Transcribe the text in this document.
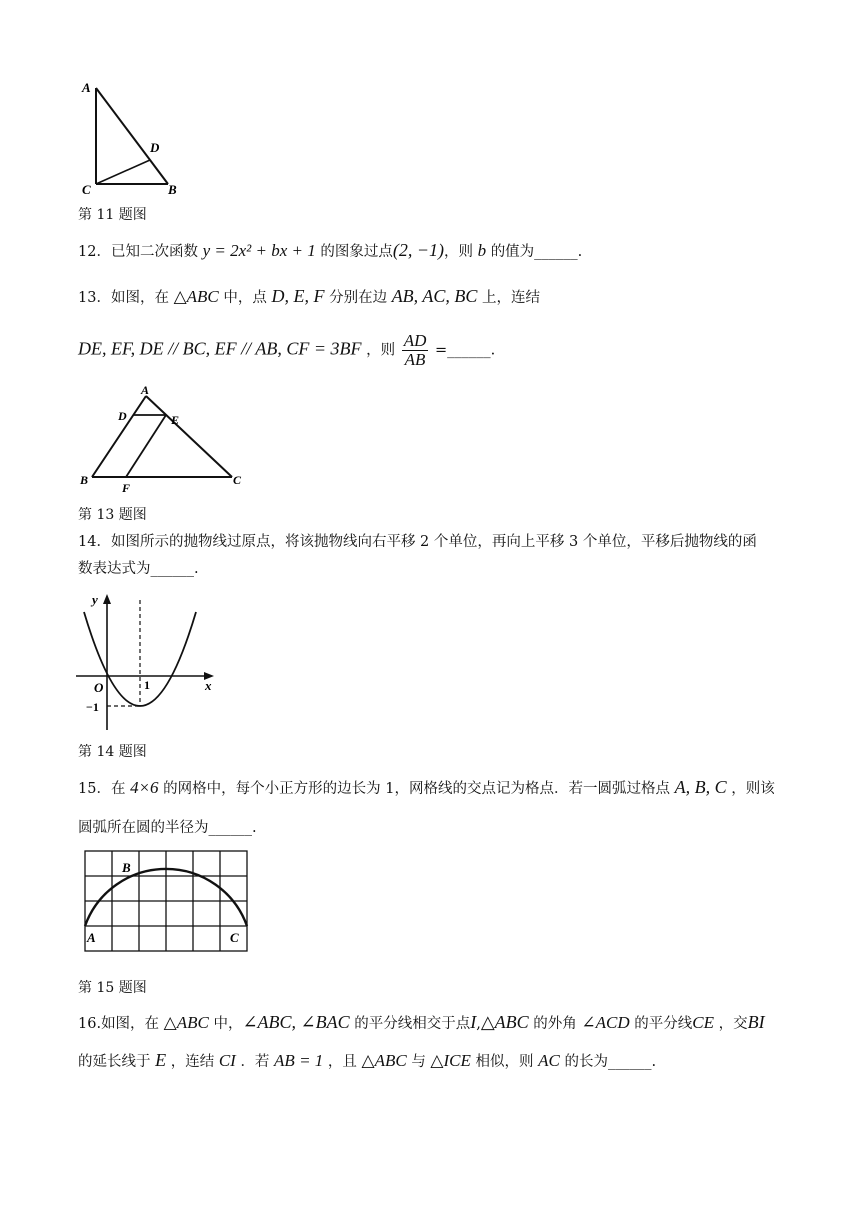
A
D
C	B
第 11 题图
12．已知二次函数 y = 2x² + bx + 1 的图象过点(2, −1)，则 b 的值为______.
13．如图，在 △ABC 中，点 D, E, F 分别在边 AB, AC, BC 上，连结
DE, EF, DE // BC, EF // AB, CF = 3BF ，则 $\frac{AD}{AB}$ =______.
A
D	E
B
F
C
第 13 题图
14．如图所示的抛物线过原点，将该抛物线向右平移 2 个单位，再向上平移 3 个单位，平移后抛物线的函
数表达式为______.
y
x
O	1
−1
第 14 题图
15．在 4×6 的网格中，每个小正方形的边长为 1，网格线的交点记为格点．若一圆弧过格点 A, B, C ，则该
圆弧所在圆的半径为______.
B
A	C
第 15 题图
16.如图，在 △ABC 中，∠ABC, ∠BAC 的平分线相交于点I,△ABC 的外角 ∠ACD 的平分线CE ，交BI
的延长线于 E ，连结 CI ．若 AB = 1 ，且 △ABC 与 △ICE 相似，则 AC 的长为______.
